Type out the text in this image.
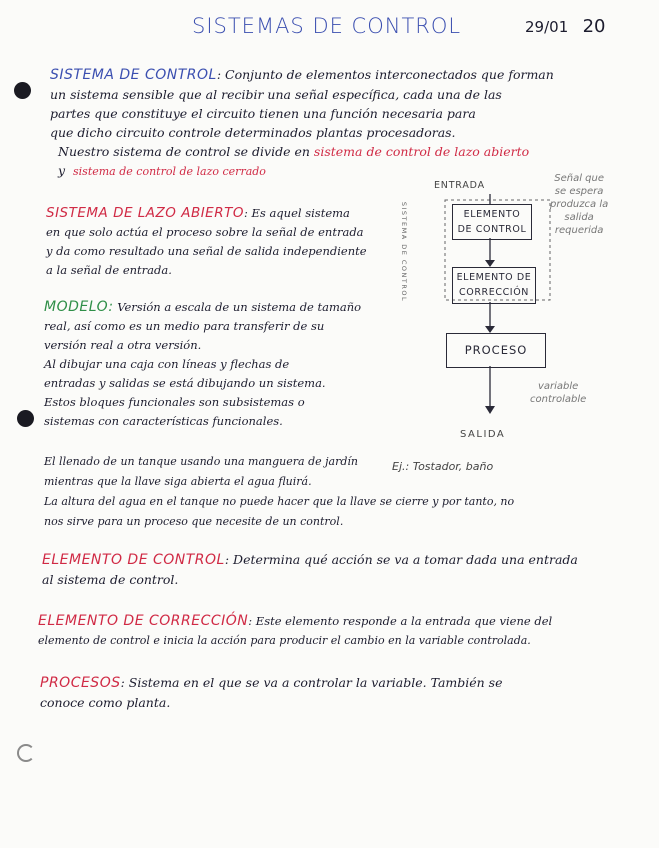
SISTEMAS DE CONTROL	29/01 20
SISTEMA DE CONTROL: Conjunto de elementos interconectados que forman
un sistema sensible que al recibir una señal específica, cada una de las
partes que constituye el circuito tienen una función necesaria para
que dicho circuito controle determinados plantas procesadoras.
Nuestro sistema de control se divide en sistema de control de lazo abierto
y sistema de control de lazo cerrado
SISTEMA DE LAZO ABIERTO: Es aquel sistema
en que solo actúa el proceso sobre la señal de entrada
y da como resultado una señal de salida independiente
a la señal de entrada.
MODELO: Versión a escala de un sistema de tamaño
real, así como es un medio para transferir de su
versión real a otra versión.
Al dibujar una caja con líneas y flechas de
entradas y salidas se está dibujando un sistema.
Estos bloques funcionales son subsistemas o
sistemas con características funcionales.
El llenado de un tanque usando una manguera de jardín
mientras que la llave siga abierta el agua fluirá.
La altura del agua en el tanque no puede hacer que la llave se cierre y por tanto, no
nos sirve para un proceso que necesite de un control.
Ej.: Tostador, baño
ELEMENTO DE CONTROL: Determina qué acción se va a tomar dada una entrada
al sistema de control.
ELEMENTO DE CORRECCIÓN: Este elemento responde a la entrada que viene del
elemento de control e inicia la acción para producir el cambio en la variable controlada.
PROCESOS: Sistema en el que se va a controlar la variable. También se
conoce como planta.
ENTRADA
Señal que
se espera
produzca la
salida
requerida
SISTEMA DE CONTROL	ELEMENTO
DE CONTROL
ELEMENTO DE
CORRECCIÓN
PROCESO
variable
controlable
SALIDA
